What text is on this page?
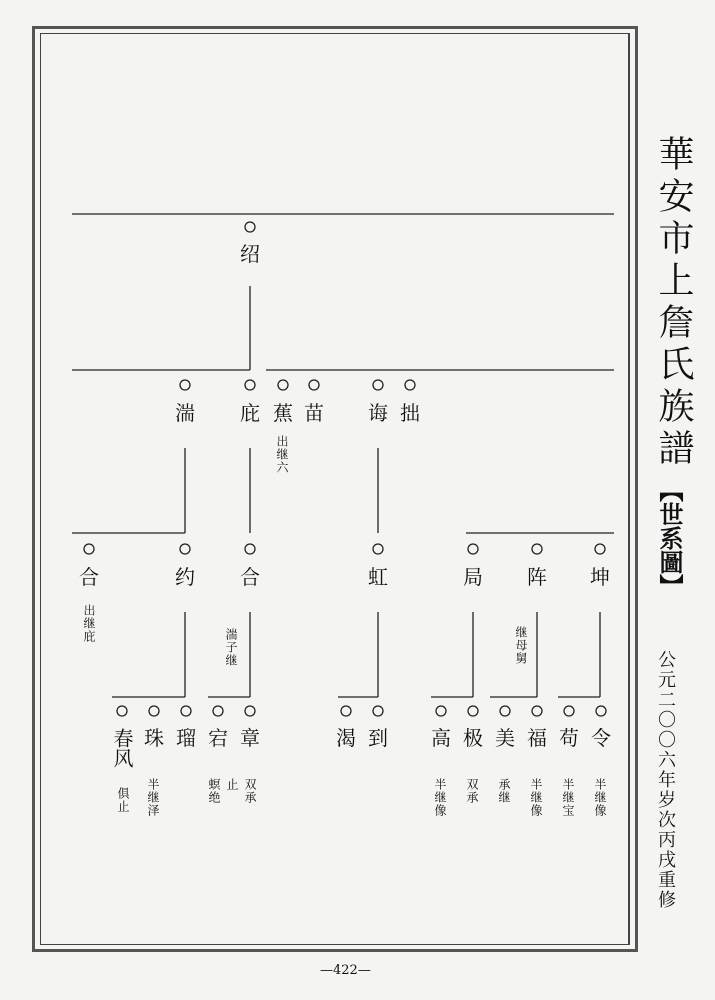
绍
湍 庇 蕉 苗 诲 拙
出继六
合	约 合	虹	局 阵 坤
出继庇
湍子继	继母舅
春风 珠 瑠 宕 章	渴 到 高 极 美 福 苟 令
俱止 半继泽	止
螟绝 双承	半继像 双承 承继 半继像 半继宝 半继像
華安市上詹氏族譜
【世系圖】
公元二〇〇六年岁次丙戌重修
—422—
